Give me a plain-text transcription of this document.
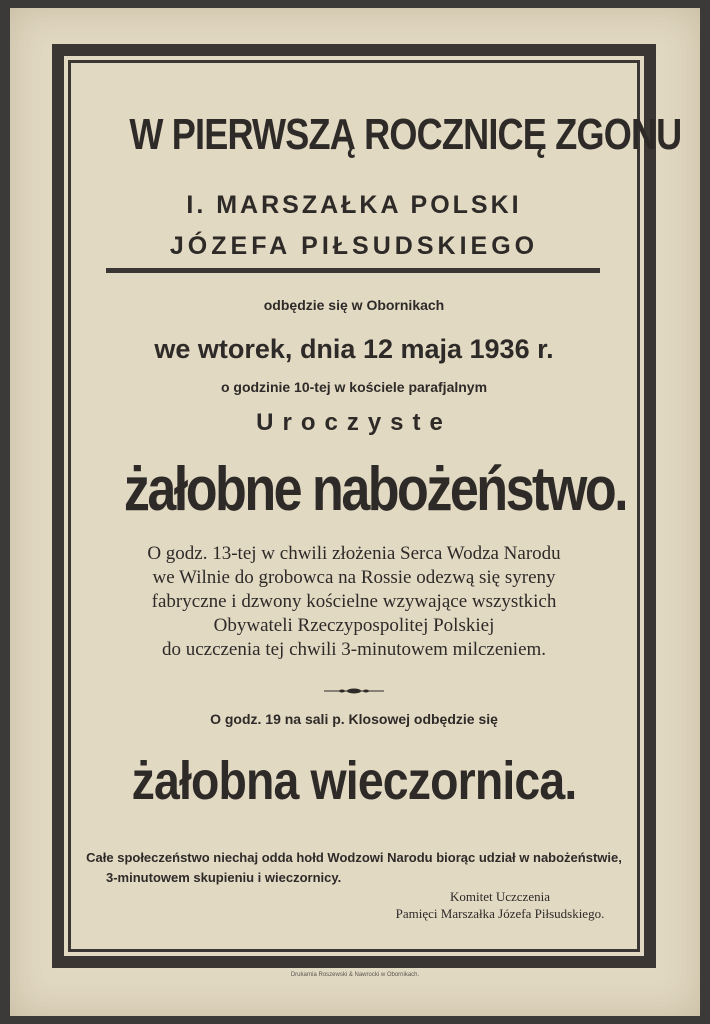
W PIERWSZĄ ROCZNICĘ ZGONU
I. MARSZAŁKA POLSKI
JÓZEFA PIŁSUDSKIEGO
odbędzie się w Obornikach
we wtorek, dnia 12 maja 1936 r.
o godzinie 10-tej w kościele parafjalnym
Uroczyste
żałobne nabożeństwo.
O godz. 13-tej w chwili złożenia Serca Wodza Narodu
we Wilnie do grobowca na Rossie odezwą się syreny
fabryczne i dzwony kościelne wzywające wszystkich
Obywateli Rzeczypospolitej Polskiej
do uczczenia tej chwili 3-minutowem milczeniem.
O godz. 19 na sali p. Klosowej odbędzie się
żałobna wieczornica.
Całe społeczeństwo niechaj odda hołd Wodzowi Narodu biorąc udział w nabożeństwie,
3-minutowem skupieniu i wieczornicy.
Komitet Uczczenia
Pamięci Marszałka Józefa Piłsudskiego.
Drukarnia Roszewski & Nawrocki w Obornikach.
